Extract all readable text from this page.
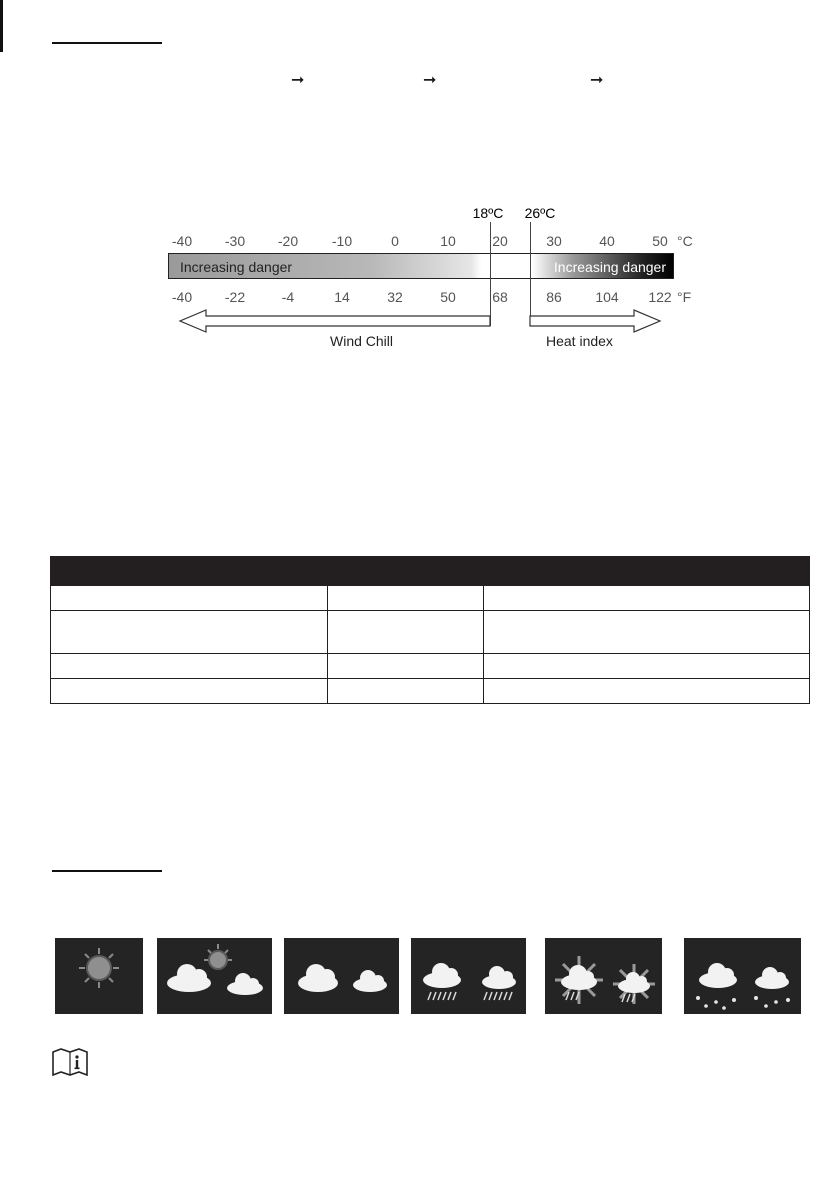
➞	➞	➞
18ºC	26ºC
-40	-30	-20	-10	0	10	20	30	40	50 °C
Increasing danger	Increasing danger
-40	-22	-4	14	32	50	68	86	104	122 °F
Wind Chill	Heat index
